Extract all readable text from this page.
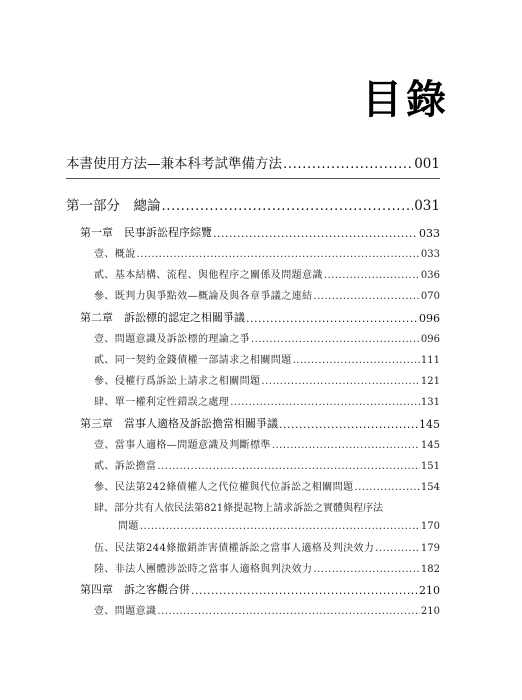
目錄
本書使用方法—兼本科考試準備方法 .....	001
第一部分　總論 .....	031
第一章　民事訴訟程序綜覽 .....	033
壹、概說 .....	033
貳、基本結構、流程、與他程序之關係及問題意識 .....	036
參、既判力與爭點效—概論及與各章爭議之連結 .....	070
第二章　訴訟標的認定之相關爭議 .....	096
壹、問題意識及訴訟標的理論之爭 .....	096
貳、同一契約金錢債權一部請求之相關問題 .....	111
參、侵權行爲訴訟上請求之相關問題 .....	121
肆、單一權利定性錯誤之處理 .....	131
第三章　當事人適格及訴訟擔當相關爭議 .....	145
壹、當事人適格—問題意識及判斷標準 .....	145
貳、訴訟擔當 .....	151
參、民法第242條債權人之代位權與代位訴訟之相關問題 .....	154
肆、部分共有人依民法第821條提起物上請求訴訟之實體與程序法
問題 .....	170
伍、民法第244條撤銷詐害債權訴訟之當事人適格及判決效力 .....	179
陸、非法人團體涉訟時之當事人適格與判決效力 .....	182
第四章　訴之客觀合併 .....	210
壹、問題意識 .....	210
